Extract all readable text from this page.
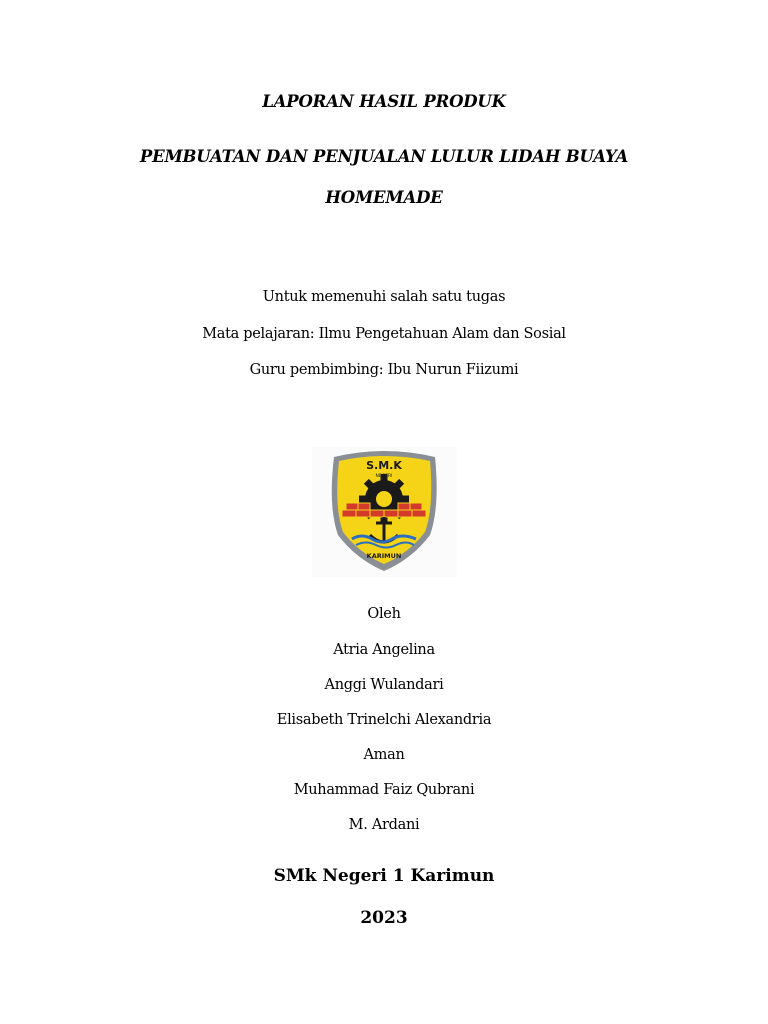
LAPORAN HASIL PRODUK
PEMBUATAN DAN PENJUALAN LULUR LIDAH BUAYA
HOMEMADE
Untuk memenuhi salah satu tugas
Mata pelajaran: Ilmu Pengetahuan Alam dan Sosial
Guru pembimbing: Ibu Nurun Fiizumi
S.M.K
NEGERI
KARIMUN
Oleh
Atria Angelina
Anggi Wulandari
Elisabeth Trinelchi Alexandria
Aman
Muhammad Faiz Qubrani
M. Ardani
SMk Negeri 1 Karimun
2023
